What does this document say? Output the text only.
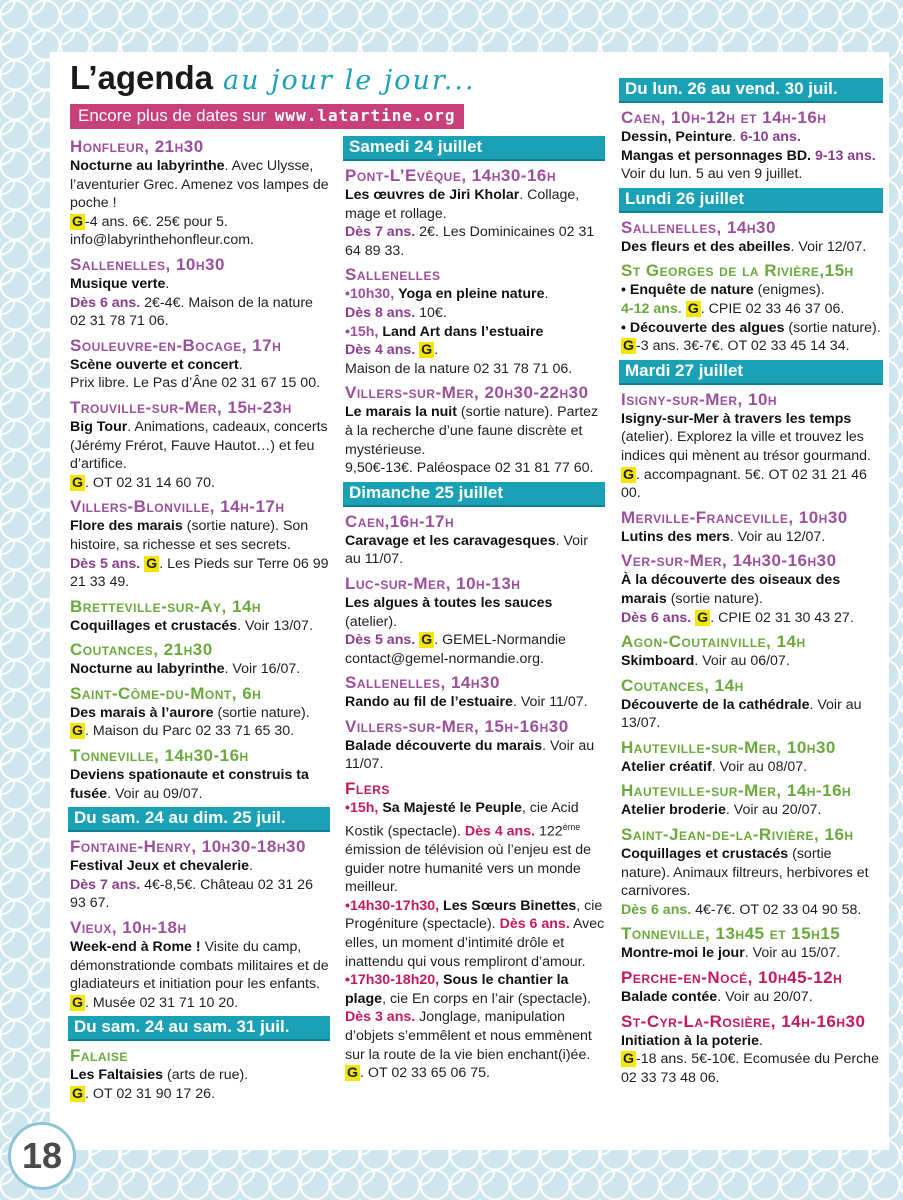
18
L’agenda au jour le jour...
Encore plus de dates sur www.latartine.org
Honfleur, 21h30
Nocturne au labyrinthe. Avec Ulysse, l’aventurier Grec. Amenez vos lampes de poche !
G -4 ans. 6€. 25€ pour 5. info@labyrinthehonfleur.com.
Sallenelles, 10h30
Musique verte.
Dès 6 ans. 2€-4€. Maison de la nature 02 31 78 71 06.
Souleuvre-en-Bocage, 17h
Scène ouverte et concert.
Prix libre. Le Pas d’Âne 02 31 67 15 00.
Trouville-sur-Mer, 15h-23h
Big Tour. Animations, cadeaux, concerts (Jérémy Frérot, Fauve Hautot…) et feu d’artifice.
G . OT 02 31 14 60 70.
Villers-Blonville, 14h-17h
Flore des marais (sortie nature). Son histoire, sa richesse et ses secrets.
Dès 5 ans. G . Les Pieds sur Terre 06 99 21 33 49.
Bretteville-sur-Ay, 14h
Coquillages et crustacés. Voir 13/07.
Coutances, 21h30
Nocturne au labyrinthe. Voir 16/07.
Saint-Côme-du-Mont, 6h
Des marais à l’aurore (sortie nature).
G . Maison du Parc 02 33 71 65 30.
Tonneville, 14h30-16h
Deviens spationaute et construis ta fusée. Voir au 09/07.
Du sam. 24 au dim. 25 juil.
Fontaine-Henry, 10h30-18h30
Festival Jeux et chevalerie.
Dès 7 ans. 4€-8,5€. Château 02 31 26 93 67.
Vieux, 10h-18h
Week-end à Rome ! Visite du camp, démonstrationde combats militaires et de gladiateurs et initiation pour les enfants.
G . Musée 02 31 71 10 20.
Du sam. 24 au sam. 31 juil.
Falaise
Les Faltaisies (arts de rue).
G . OT 02 31 90 17 26.
Samedi 24 juillet
Pont-L’Evêque, 14h30-16h
Les œuvres de Jiri Kholar. Collage, mage et rollage.
Dès 7 ans. 2€. Les Dominicaines 02 31 64 89 33.
Sallenelles
•10h30, Yoga en pleine nature.
Dès 8 ans. 10€.
•15h, Land Art dans l’estuaire
Dès 4 ans. G .
Maison de la nature 02 31 78 71 06.
Villers-sur-Mer, 20h30-22h30
Le marais la nuit (sortie nature). Partez à la recherche d’une faune discrète et mystérieuse.
9,50€-13€. Paléospace 02 31 81 77 60.
Dimanche 25 juillet
Caen,16h-17h
Caravage et les caravagesques. Voir au 11/07.
Luc-sur-Mer, 10h-13h
Les algues à toutes les sauces (atelier).
Dès 5 ans. G . GEMEL-Normandie contact@gemel-normandie.org.
Sallenelles, 14h30
Rando au fil de l’estuaire. Voir 11/07.
Villers-sur-Mer, 15h-16h30
Balade découverte du marais. Voir au 11/07.
Flers
•15h, Sa Majesté le Peuple, cie Acid Kostik (spectacle). Dès 4 ans. 122ème émission de télévision où l’enjeu est de guider notre humanité vers un monde meilleur.
•14h30-17h30, Les Sœurs Binettes, cie Progéniture (spectacle). Dès 6 ans. Avec elles, un moment d’intimité drôle et inattendu qui vous rempliront d’amour.
•17h30-18h20, Sous le chantier la plage, cie En corps en l’air (spectacle). Dès 3 ans. Jonglage, manipulation d’objets s’emmêlent et nous emmènent sur la route de la vie bien enchant(i)ée.
G . OT 02 33 65 06 75.
Du lun. 26 au vend. 30 juil.
Caen, 10h-12h et 14h-16h
Dessin, Peinture. 6-10 ans.
Mangas et personnages BD. 9-13 ans.
Voir du lun. 5 au ven 9 juillet.
Lundi 26 juillet
Sallenelles, 14h30
Des fleurs et des abeilles. Voir 12/07.
St Georges de la Rivière,15h
• Enquête de nature (enigmes).
4-12 ans. G . CPIE 02 33 46 37 06.
• Découverte des algues (sortie nature). G -3 ans. 3€-7€. OT 02 33 45 14 34.
Mardi 27 juillet
Isigny-sur-Mer, 10h
Isigny-sur-Mer à travers les temps (atelier). Explorez la ville et trouvez les indices qui mènent au trésor gourmand.
G . accompagnant. 5€. OT 02 31 21 46 00.
Merville-Franceville, 10h30
Lutins des mers. Voir au 12/07.
Ver-sur-Mer, 14h30-16h30
À la découverte des oiseaux des marais (sortie nature).
Dès 6 ans. G . CPIE 02 31 30 43 27.
Agon-Coutainville, 14h
Skimboard. Voir au 06/07.
Coutances, 14h
Découverte de la cathédrale. Voir au 13/07.
Hauteville-sur-Mer, 10h30
Atelier créatif. Voir au 08/07.
Hauteville-sur-Mer, 14h-16h
Atelier broderie. Voir au 20/07.
Saint-Jean-de-la-Rivière, 16h
Coquillages et crustacés (sortie nature). Animaux filtreurs, herbivores et carnivores.
Dès 6 ans. 4€-7€. OT 02 33 04 90 58.
Tonneville, 13h45 et 15h15
Montre-moi le jour. Voir au 15/07.
Perche-en-Nocé, 10h45-12h
Balade contée. Voir au 20/07.
St-Cyr-La-Rosière, 14h-16h30
Initiation à la poterie.
G -18 ans. 5€-10€. Ecomusée du Perche 02 33 73 48 06.
